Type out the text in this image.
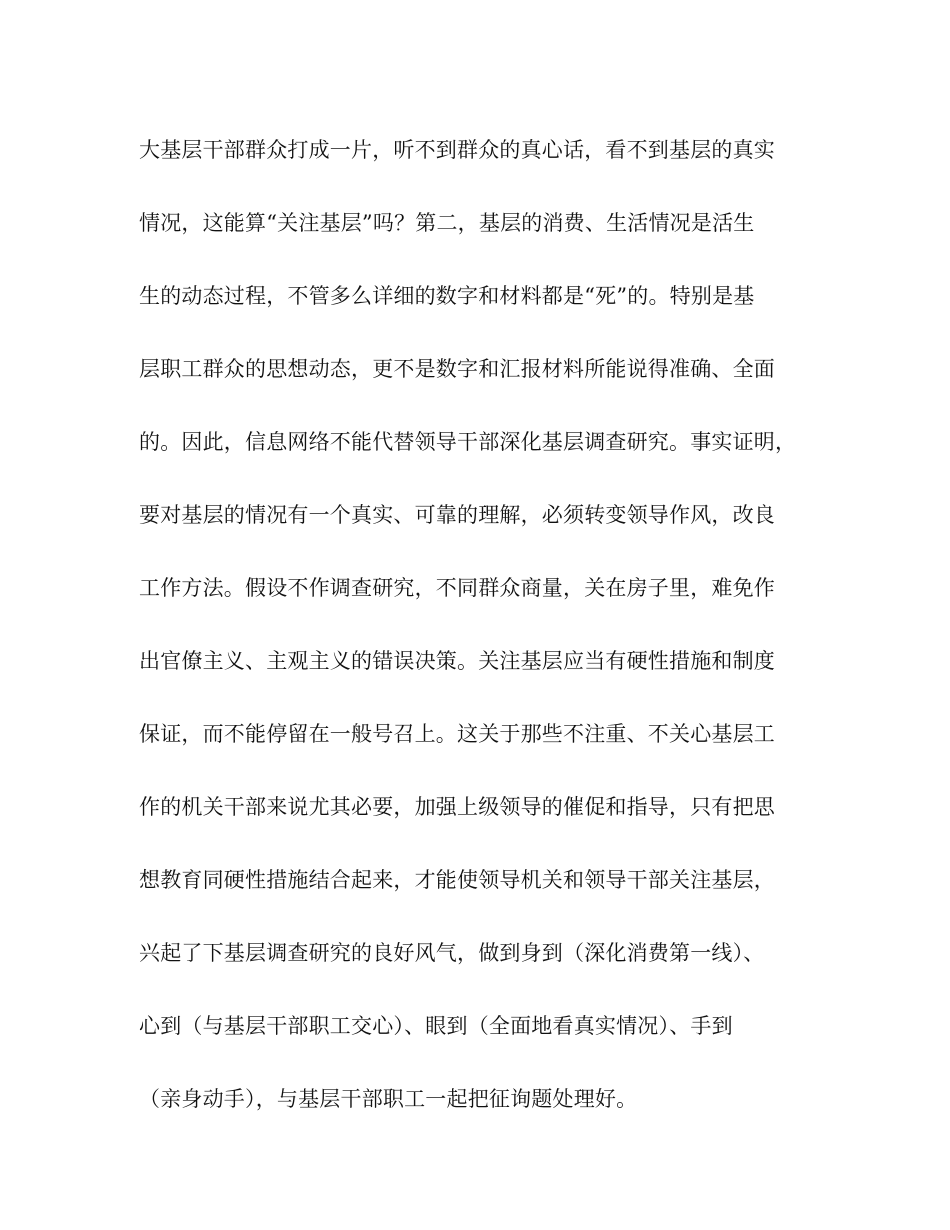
大基层干部群众打成一片，听不到群众的真心话，看不到基层的真实
情况，这能算“关注基层”吗？第二，基层的消费、生活情况是活生
生的动态过程，不管多么详细的数字和材料都是“死”的。特别是基
层职工群众的思想动态，更不是数字和汇报材料所能说得准确、全面
的。因此，信息网络不能代替领导干部深化基层调查研究。事实证明，
要对基层的情况有一个真实、可靠的理解，必须转变领导作风，改良
工作方法。假设不作调查研究，不同群众商量，关在房子里，难免作
出官僚主义、主观主义的错误决策。关注基层应当有硬性措施和制度
保证，而不能停留在一般号召上。这关于那些不注重、不关心基层工
作的机关干部来说尤其必要，加强上级领导的催促和指导，只有把思
想教育同硬性措施结合起来，才能使领导机关和领导干部关注基层，
兴起了下基层调查研究的良好风气，做到身到（深化消费第一线）、
心到（与基层干部职工交心）、眼到（全面地看真实情况）、手到
（亲身动手），与基层干部职工一起把征询题处理好。
